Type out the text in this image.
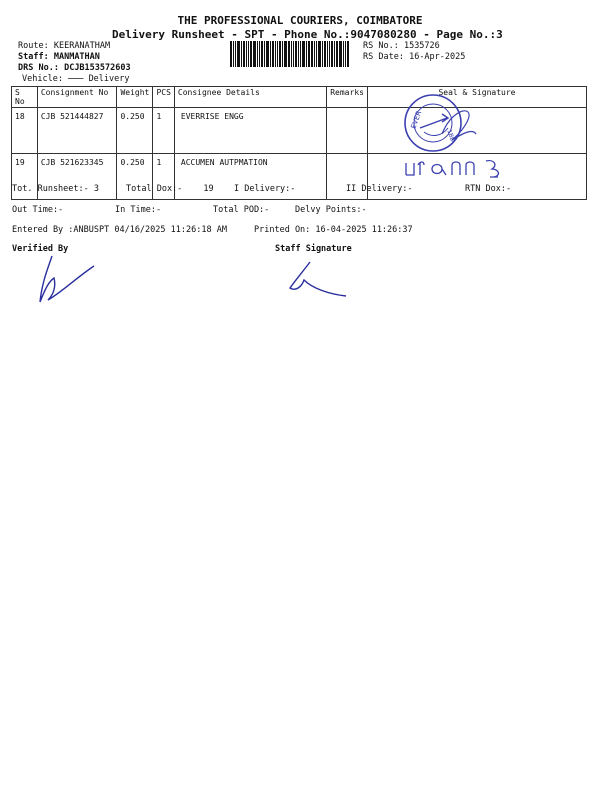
THE PROFESSIONAL COURIERS, COIMBATORE
Delivery Runsheet - SPT - Phone No.:9047080280 - Page No.:3
Route: KEERANATHAM
Staff: MANMATHAN
DRS No.: DCJB153572603
Vehicle:	Delivery
RS No.: 1535726
RS Date: 16-Apr-2025
S No	Consignment No	Weight	PCS	Consignee Details	Remarks	Seal & Signature
18	CJB 521444827	0.250	1	EVERRISE ENGG		
19	CJB 521623345	0.250	1	ACCUMEN AUTPMATION		
EVER
1BD
Tot. Runsheet:- 3	Total Dox:- 19 I Delivery:-	II Delivery:-	RTN Dox:-
Out Time:-	In Time:-	Total POD:-	Delvy Points:-
Entered By :ANBUSPT 04/16/2025 11:26:18 AM	Printed On: 16-04-2025 11:26:37
Verified By	Staff Signature
